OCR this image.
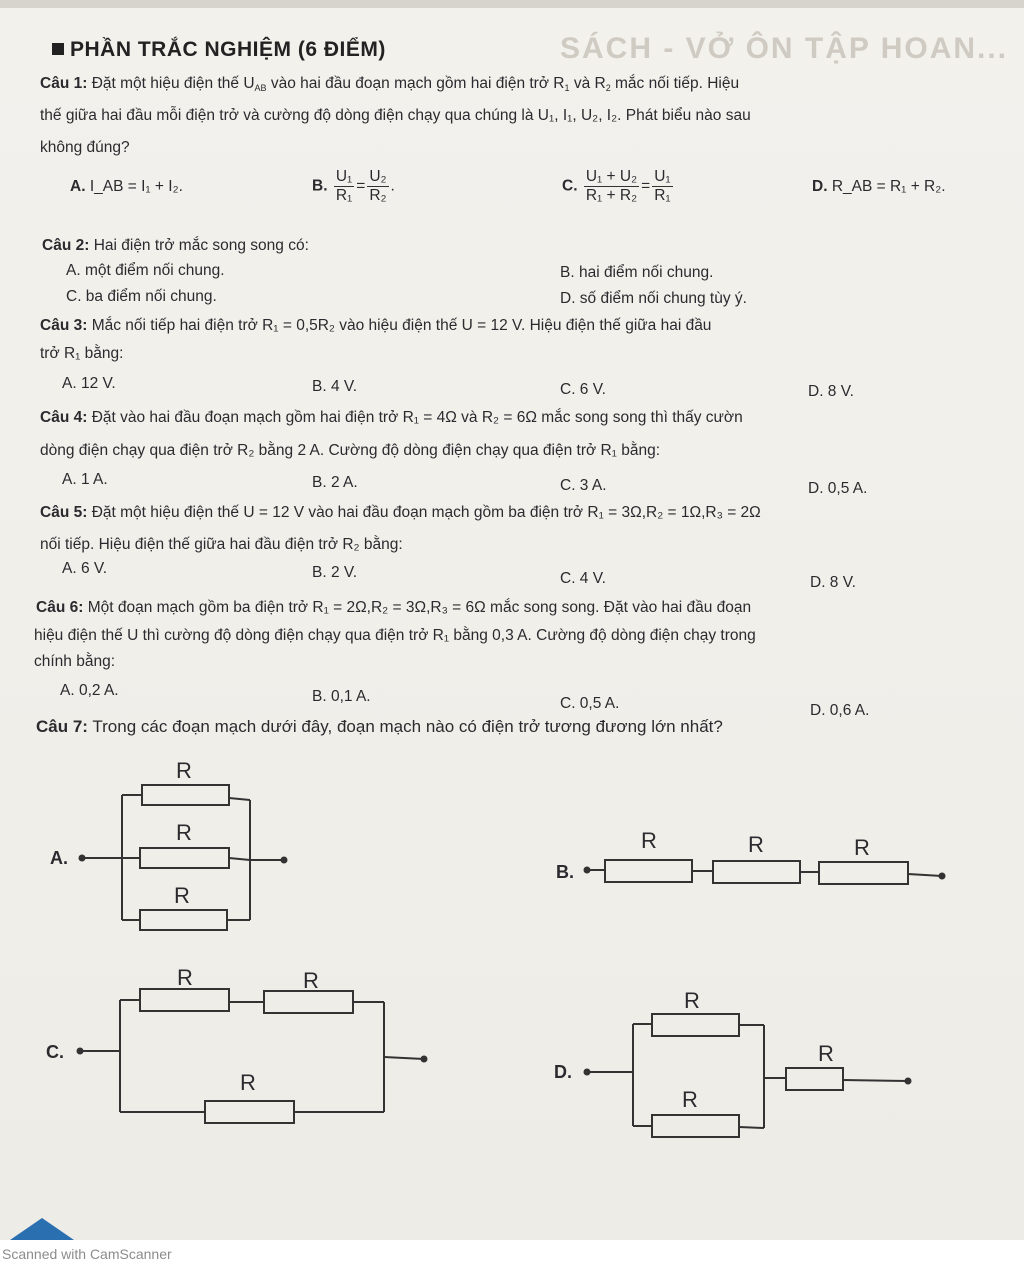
SÁCH - VỞ ÔN TẬP HOAN...
PHẦN TRẮC NGHIỆM (6 ĐIỂM)
Câu 1: Đặt một hiệu điện thế $U_{AB}$ vào hai đầu đoạn mạch gồm hai điện trở $R_1$ và $R_2$ mắc nối tiếp. Hiệu
thế giữa hai đầu mỗi điện trở và cường độ dòng điện chạy qua chúng là U₁, I₁, U₂, I₂. Phát biểu nào sau
không đúng?
A. I_AB = I₁ + I₂.	B. $\frac{\text{U₁}}{\text{R₁}} = \frac{\text{U₂}}{\text{R₂}}$ .	C. $\frac{\text{U₁ + U₂}}{\text{R₁ + R₂}} = \frac{\text{U₁}}{\text{R₁}}$	D. R_AB = R₁ + R₂.
Câu 2: Hai điện trở mắc song song có:
A. một điểm nối chung.	B. hai điểm nối chung.
C. ba điểm nối chung.	D. số điểm nối chung tùy ý.
Câu 3: Mắc nối tiếp hai điện trở R₁ = 0,5R₂ vào hiệu điện thế U = 12 V. Hiệu điện thế giữa hai đầu
trở R₁ bằng:
A. 12 V.	B. 4 V.	C. 6 V.	D. 8 V.
Câu 4: Đặt vào hai đầu đoạn mạch gồm hai điện trở R₁ = 4Ω và R₂ = 6Ω mắc song song thì thấy cườn
dòng điện chạy qua điện trở R₂ bằng 2 A. Cường độ dòng điện chạy qua điện trở R₁ bằng:
A. 1 A.	B. 2 A.	C. 3 A.	D. 0,5 A.
Câu 5: Đặt một hiệu điện thế U = 12 V vào hai đầu đoạn mạch gồm ba điện trở R₁ = 3Ω,R₂ = 1Ω,R₃ = 2Ω
nối tiếp. Hiệu điện thế giữa hai đầu điện trở R₂ bằng:
A. 6 V.	B. 2 V.	C. 4 V.	D. 8 V.
Câu 6: Một đoạn mạch gồm ba điện trở R₁ = 2Ω,R₂ = 3Ω,R₃ = 6Ω mắc song song. Đặt vào hai đầu đoạn
hiệu điện thế U thì cường độ dòng điện chạy qua điện trở R₁ bằng 0,3 A. Cường độ dòng điện chạy trong
chính bằng:
A. 0,2 A.	B. 0,1 A.	C. 0,5 A.	D. 0,6 A.
Câu 7: Trong các đoạn mạch dưới đây, đoạn mạch nào có điện trở tương đương lớn nhất?
R
R
R
A.
R	R	R
B.
R	R
R
C.
R
R
R
D.
Scanned with CamScanner
